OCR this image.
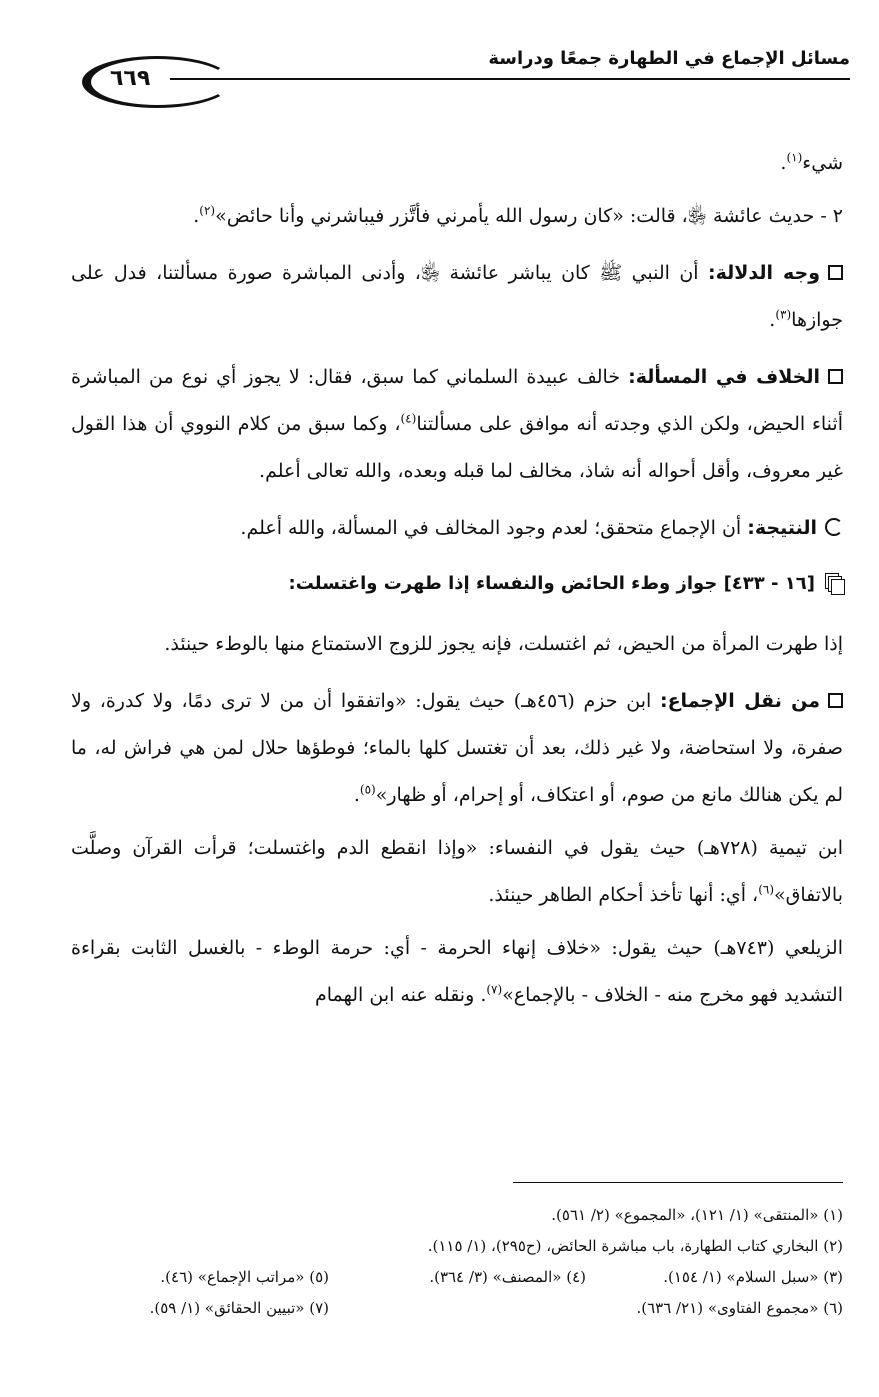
مسائل الإجماع في الطهارة جمعًا ودراسة
٦٦٩

شيء$^{(١)}$.

٢ - حديث عائشة ﵂، قالت: «كان رسول الله يأمرني فأتَّزر فيباشرني وأنا حائض»$^{(٢)}$.

وجه الدلالة: أن النبي ﷺ كان يباشر عائشة ﵂، وأدنى المباشرة صورة مسألتنا، فدل على جوازها$^{(٣)}$.

الخلاف في المسألة: خالف عبيدة السلماني كما سبق، فقال: لا يجوز أي نوع من المباشرة أثناء الحيض، ولكن الذي وجدته أنه موافق على مسألتنا$^{(٤)}$، وكما سبق من كلام النووي أن هذا القول غير معروف، وأقل أحواله أنه شاذ، مخالف لما قبله وبعده، والله تعالى أعلم.

النتيجة: أن الإجماع متحقق؛ لعدم وجود المخالف في المسألة، والله أعلم.

[١٦ - ٤٣٣] جواز وطء الحائض والنفساء إذا طهرت واغتسلت:

إذا طهرت المرأة من الحيض، ثم اغتسلت، فإنه يجوز للزوج الاستمتاع منها بالوطء حينئذ.

من نقل الإجماع: ابن حزم (٤٥٦هـ) حيث يقول: «واتفقوا أن من لا ترى دمًا، ولا كدرة، ولا صفرة، ولا استحاضة، ولا غير ذلك، بعد أن تغتسل كلها بالماء؛ فوطؤها حلال لمن هي فراش له، ما لم يكن هنالك مانع من صوم، أو اعتكاف، أو إحرام، أو ظهار»$^{(٥)}$.

ابن تيمية (٧٢٨هـ) حيث يقول في النفساء: «وإذا انقطع الدم واغتسلت؛ قرأت القرآن وصلَّت بالاتفاق»$^{(٦)}$، أي: أنها تأخذ أحكام الطاهر حينئذ.

الزيلعي (٧٤٣هـ) حيث يقول: «خلاف إنهاء الحرمة - أي: حرمة الوطء - بالغسل الثابت بقراءة التشديد فهو مخرج منه - الخلاف - بالإجماع»$^{(٧)}$. ونقله عنه ابن الهمام

(١) «المنتقى» (١/ ١٢١)، «المجموع» (٢/ ٥٦١).
(٢) البخاري كتاب الطهارة، باب مباشرة الحائض، (ح٢٩٥)، (١/ ١١٥).
(٣) «سبل السلام» (١/ ١٥٤).
(٤) «المصنف» (٣/ ٣٦٤).
(٥) «مراتب الإجماع» (٤٦).
(٦) «مجموع الفتاوى» (٢١/ ٦٣٦).
(٧) «تبيين الحقائق» (١/ ٥٩).
